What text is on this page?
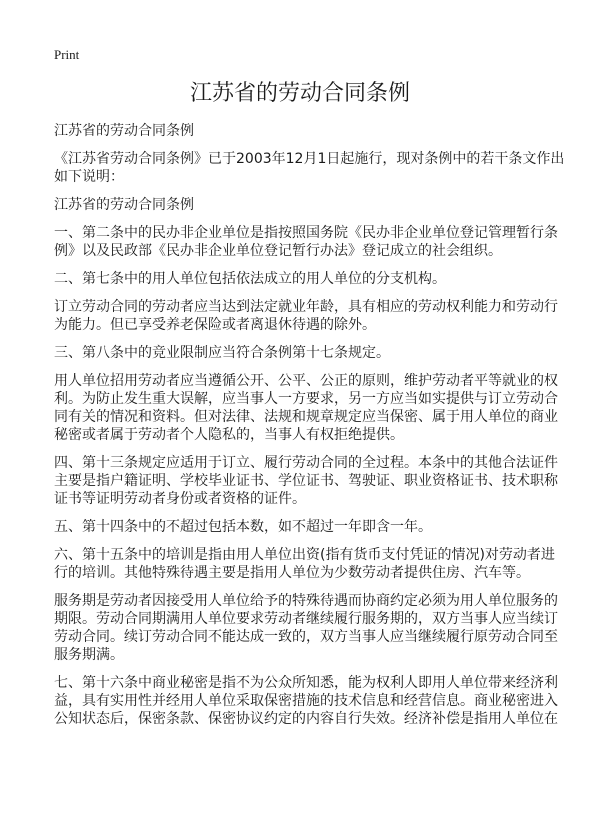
Print
江苏省的劳动合同条例
江苏省的劳动合同条例
《江苏省劳动合同条例》已于2003年12月1日起施行，现对条例中的若干条文作出
如下说明：
江苏省的劳动合同条例
一、第二条中的民办非企业单位是指按照国务院《民办非企业单位登记管理暂行条
例》以及民政部《民办非企业单位登记暂行办法》登记成立的社会组织。
二、第七条中的用人单位包括依法成立的用人单位的分支机构。
订立劳动合同的劳动者应当达到法定就业年龄，具有相应的劳动权利能力和劳动行
为能力。但已享受养老保险或者离退休待遇的除外。
三、第八条中的竞业限制应当符合条例第十七条规定。
用人单位招用劳动者应当遵循公开、公平、公正的原则，维护劳动者平等就业的权
利。为防止发生重大误解，应当事人一方要求，另一方应当如实提供与订立劳动合
同有关的情况和资料。但对法律、法规和规章规定应当保密、属于用人单位的商业
秘密或者属于劳动者个人隐私的，当事人有权拒绝提供。
四、第十三条规定应适用于订立、履行劳动合同的全过程。本条中的其他合法证件
主要是指户籍证明、学校毕业证书、学位证书、驾驶证、职业资格证书、技术职称
证书等证明劳动者身份或者资格的证件。
五、第十四条中的不超过包括本数，如不超过一年即含一年。
六、第十五条中的培训是指由用人单位出资(指有货币支付凭证的情况)对劳动者进
行的培训。其他特殊待遇主要是指用人单位为少数劳动者提供住房、汽车等。
服务期是劳动者因接受用人单位给予的特殊待遇而协商约定必须为用人单位服务的
期限。劳动合同期满用人单位要求劳动者继续履行服务期的，双方当事人应当续订
劳动合同。续订劳动合同不能达成一致的，双方当事人应当继续履行原劳动合同至
服务期满。
七、第十六条中商业秘密是指不为公众所知悉，能为权利人即用人单位带来经济利
益，具有实用性并经用人单位采取保密措施的技术信息和经营信息。商业秘密进入
公知状态后，保密条款、保密协议约定的内容自行失效。经济补偿是指用人单位在
